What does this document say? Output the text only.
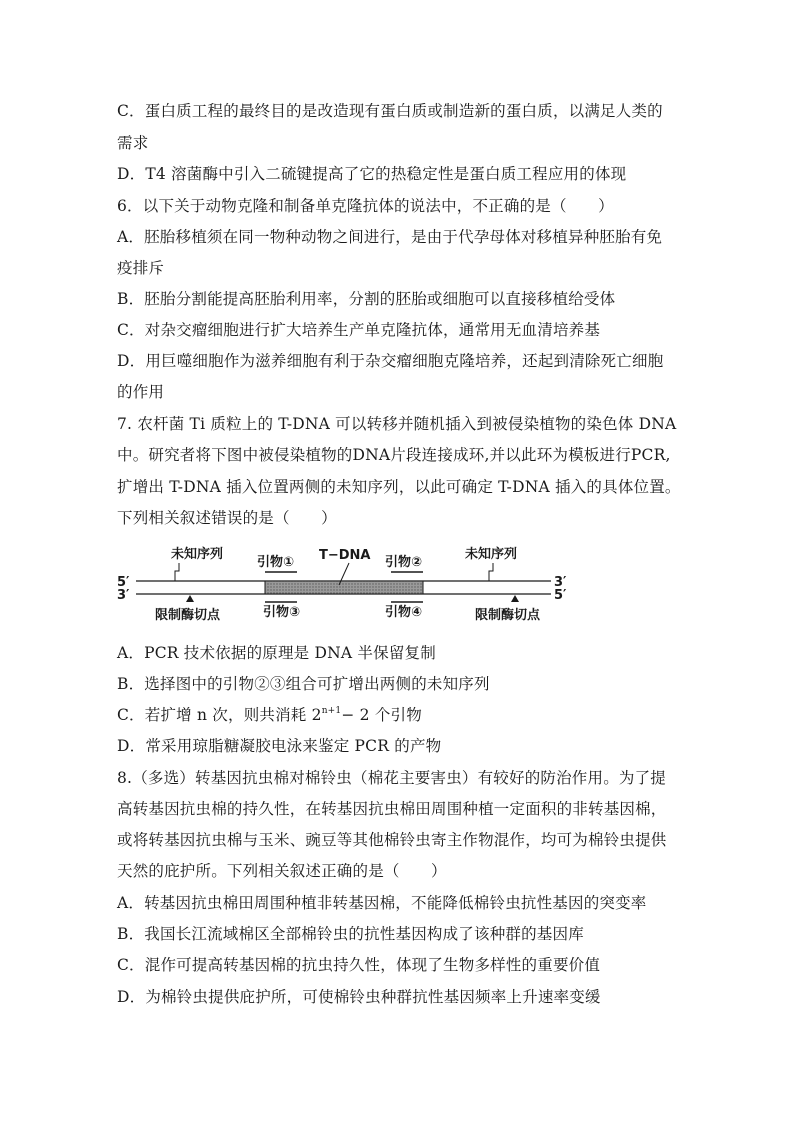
C．蛋白质工程的最终目的是改造现有蛋白质或制造新的蛋白质，以满足人类的
需求
D．T4 溶菌酶中引入二硫键提高了它的热稳定性是蛋白质工程应用的体现
6．以下关于动物克隆和制备单克隆抗体的说法中，不正确的是（　　）
A．胚胎移植须在同一物种动物之间进行，是由于代孕母体对移植异种胚胎有免
疫排斥
B．胚胎分割能提高胚胎利用率，分割的胚胎或细胞可以直接移植给受体
C．对杂交瘤细胞进行扩大培养生产单克隆抗体，通常用无血清培养基
D．用巨噬细胞作为滋养细胞有利于杂交瘤细胞克隆培养，还起到清除死亡细胞
的作用
7. 农杆菌 Ti 质粒上的 T-DNA 可以转移并随机插入到被侵染植物的染色体 DNA
中。研究者将下图中被侵染植物的DNA片段连接成环,并以此环为模板进行PCR,
扩增出 T-DNA 插入位置两侧的未知序列，以此可确定 T-DNA 插入的具体位置。
下列相关叙述错误的是（　　）
5′
3′
3′
5′
T−DNA
未知序列	未知序列
引物①	引物②
引物③	引物④
限制酶切点	限制酶切点
A．PCR 技术依据的原理是 DNA 半保留复制
B．选择图中的引物②③组合可扩增出两侧的未知序列
C．若扩增 n 次，则共消耗 $2^{n+1}- 2$ 个引物
D．常采用琼脂糖凝胶电泳来鉴定 PCR 的产物
8.（多选）转基因抗虫棉对棉铃虫（棉花主要害虫）有较好的防治作用。为了提
高转基因抗虫棉的持久性，在转基因抗虫棉田周围种植一定面积的非转基因棉，
或将转基因抗虫棉与玉米、豌豆等其他棉铃虫寄主作物混作，均可为棉铃虫提供
天然的庇护所。下列相关叙述正确的是（　　）
A．转基因抗虫棉田周围种植非转基因棉，不能降低棉铃虫抗性基因的突变率
B．我国长江流域棉区全部棉铃虫的抗性基因构成了该种群的基因库
C．混作可提高转基因棉的抗虫持久性，体现了生物多样性的重要价值
D．为棉铃虫提供庇护所，可使棉铃虫种群抗性基因频率上升速率变缓
